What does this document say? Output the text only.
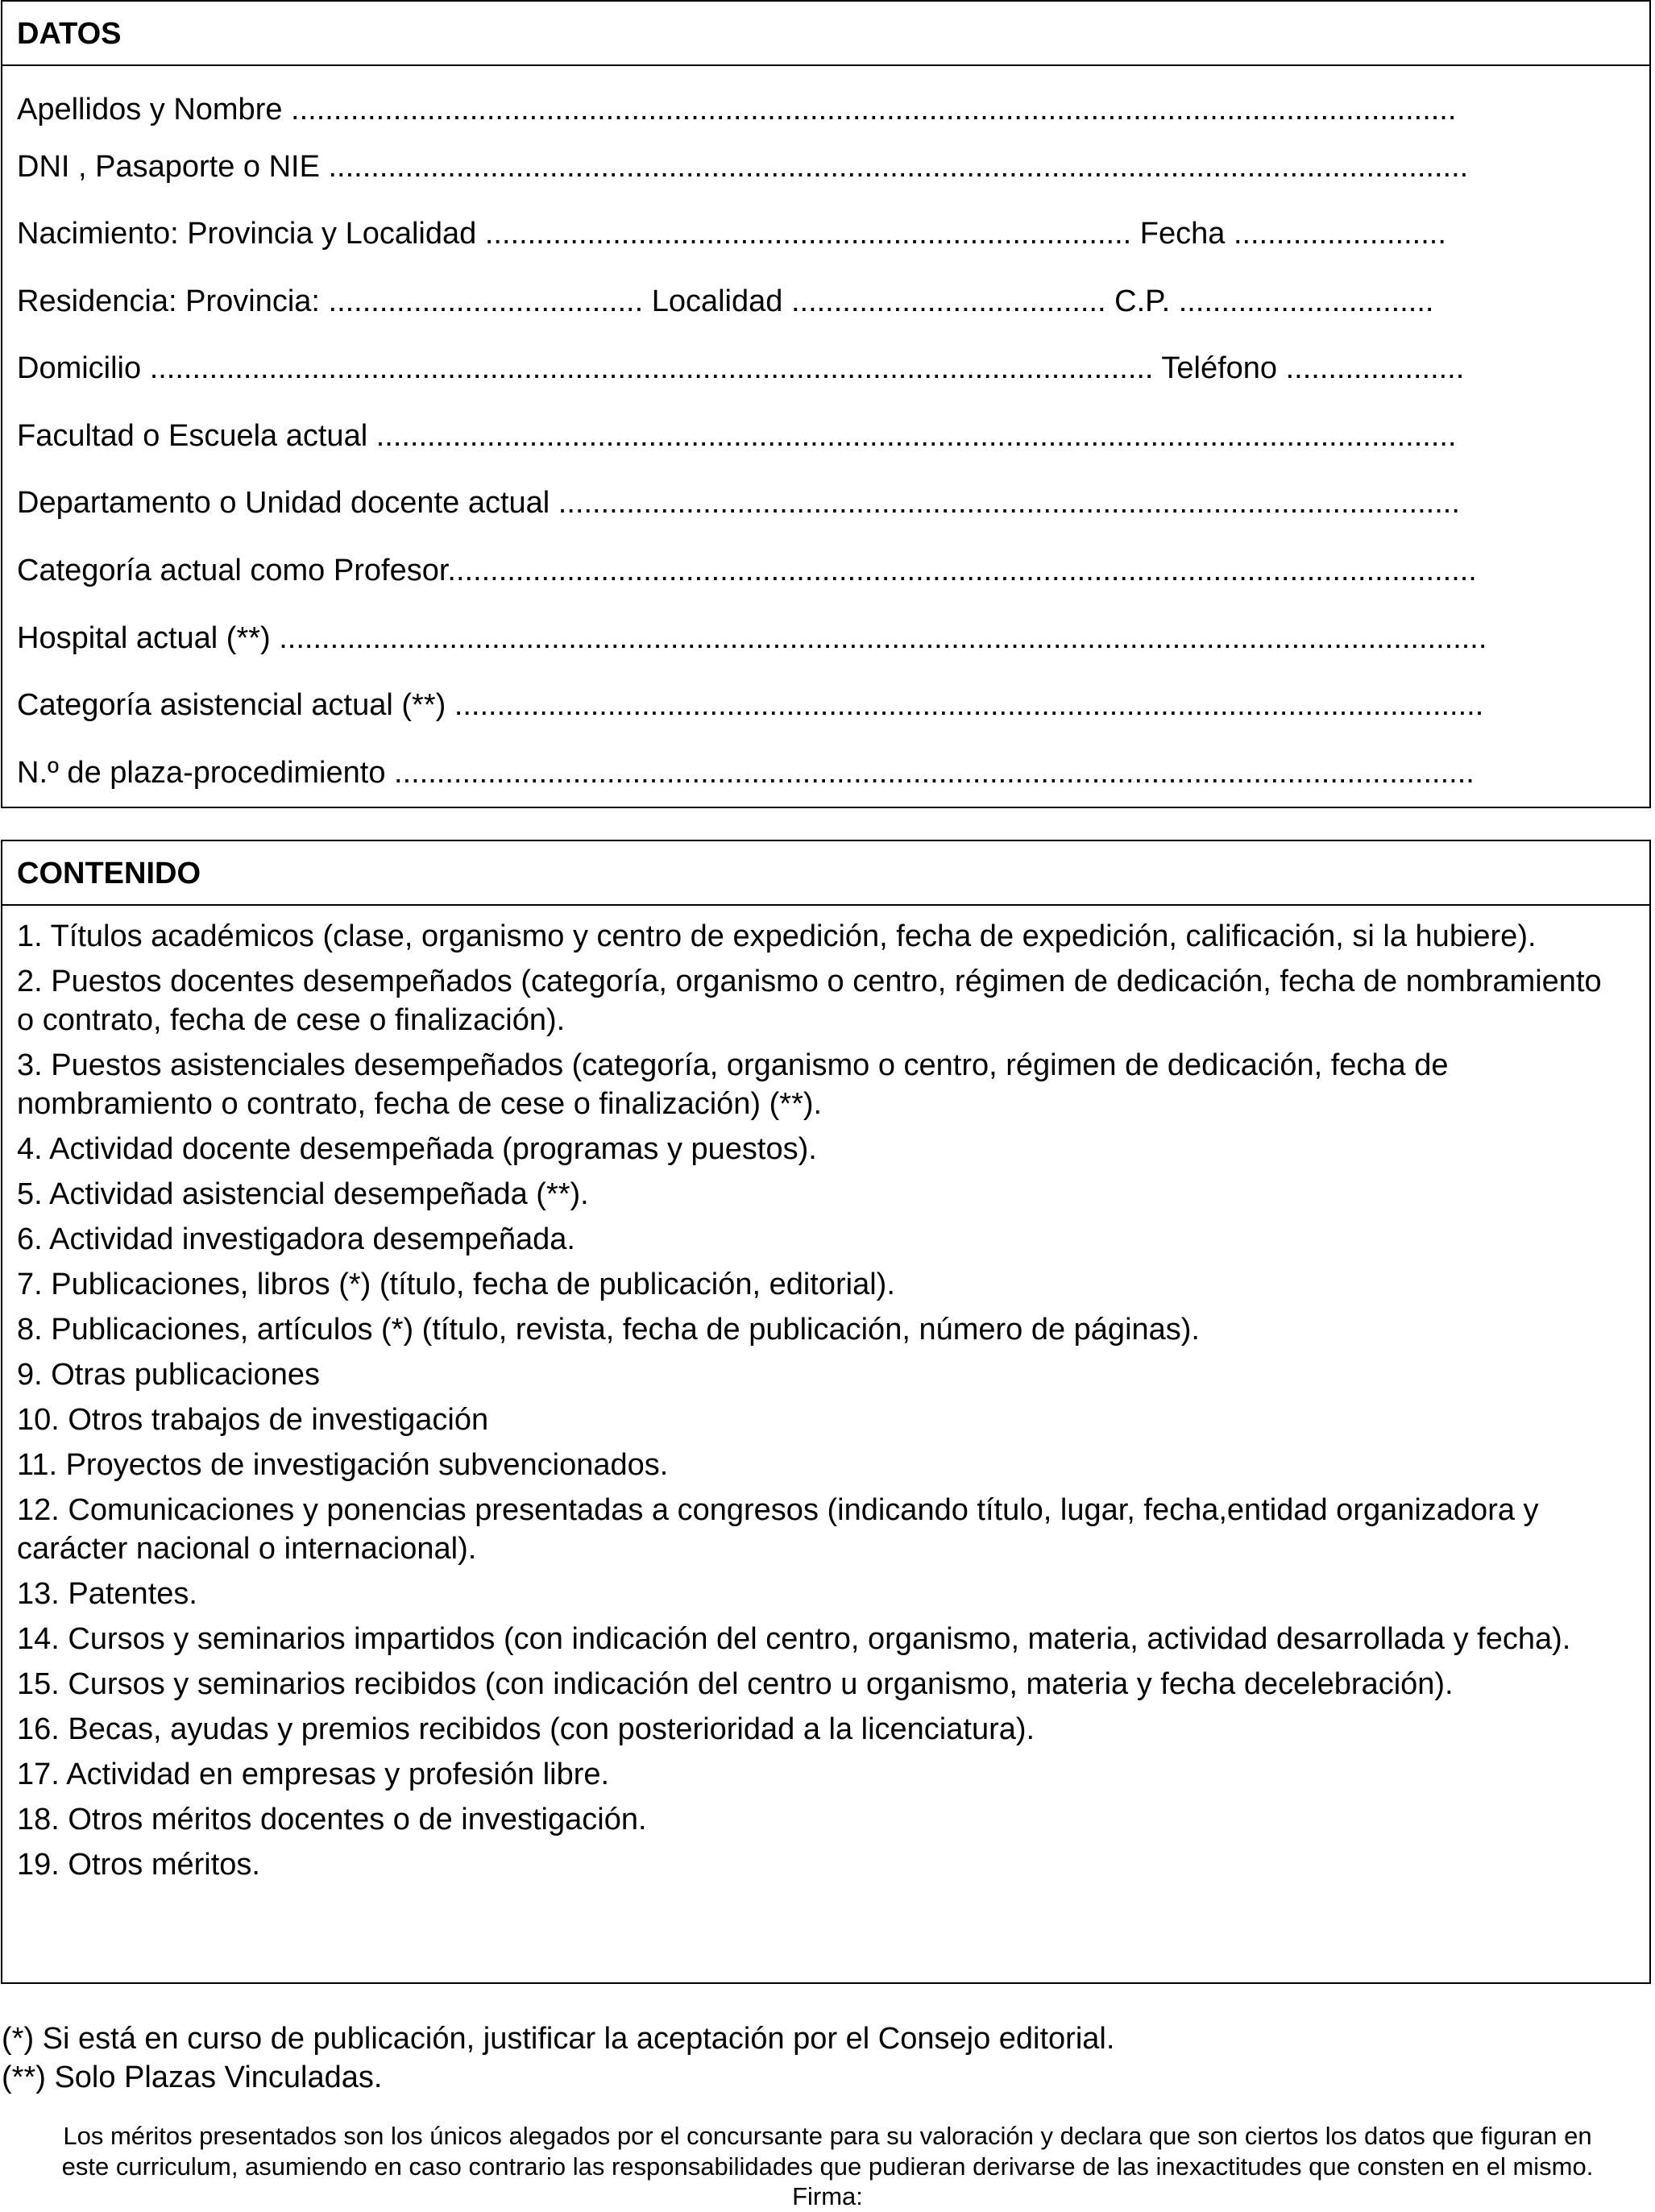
DATOS
Apellidos y Nombre .........................................................................................................................................
DNI , Pasaporte o NIE ......................................................................................................................................
Nacimiento: Provincia y Localidad ............................................................................ Fecha .........................
Residencia: Provincia: ..................................... Localidad ..................................... C.P. ..............................
Domicilio ...................................................................................................................... Teléfono .....................
Facultad o Escuela actual ...............................................................................................................................
Departamento o Unidad docente actual ..........................................................................................................
Categoría actual como Profesor.........................................................................................................................
Hospital actual (**) ..............................................................................................................................................
Categoría asistencial actual (**) .........................................................................................................................
N.º de plaza-procedimiento ...............................................................................................................................
CONTENIDO
1. Títulos académicos (clase, organismo y centro de expedición, fecha de expedición, calificación, si la hubiere).
2. Puestos docentes desempeñados (categoría, organismo o centro, régimen de dedicación, fecha de nombramiento o contrato, fecha de cese o finalización).
3. Puestos asistenciales desempeñados (categoría, organismo o centro, régimen de dedicación, fecha de nombramiento o contrato, fecha de cese o finalización) (**).
4. Actividad docente desempeñada (programas y puestos).
5. Actividad asistencial desempeñada (**).
6. Actividad investigadora desempeñada.
7. Publicaciones, libros (*) (título, fecha de publicación, editorial).
8. Publicaciones, artículos (*) (título, revista, fecha de publicación, número de páginas).
9. Otras publicaciones
10. Otros trabajos de investigación
11. Proyectos de investigación subvencionados.
12. Comunicaciones y ponencias presentadas a congresos (indicando título, lugar, fecha,entidad organizadora y carácter nacional o internacional).
13. Patentes.
14. Cursos y seminarios impartidos (con indicación del centro, organismo, materia, actividad desarrollada y fecha).
15. Cursos y seminarios recibidos (con indicación del centro u organismo, materia y fecha decelebración).
16. Becas, ayudas y premios recibidos (con posterioridad a la licenciatura).
17. Actividad en empresas y profesión libre.
18. Otros méritos docentes o de investigación.
19. Otros méritos.
(*) Si está en curso de publicación, justificar la aceptación por el Consejo editorial.
(**) Solo Plazas Vinculadas.
Los méritos presentados son los únicos alegados por el concursante para su valoración y declara que son ciertos los datos que figuran en
este curriculum, asumiendo en caso contrario las responsabilidades que pudieran derivarse de las inexactitudes que consten en el mismo.
Firma:
